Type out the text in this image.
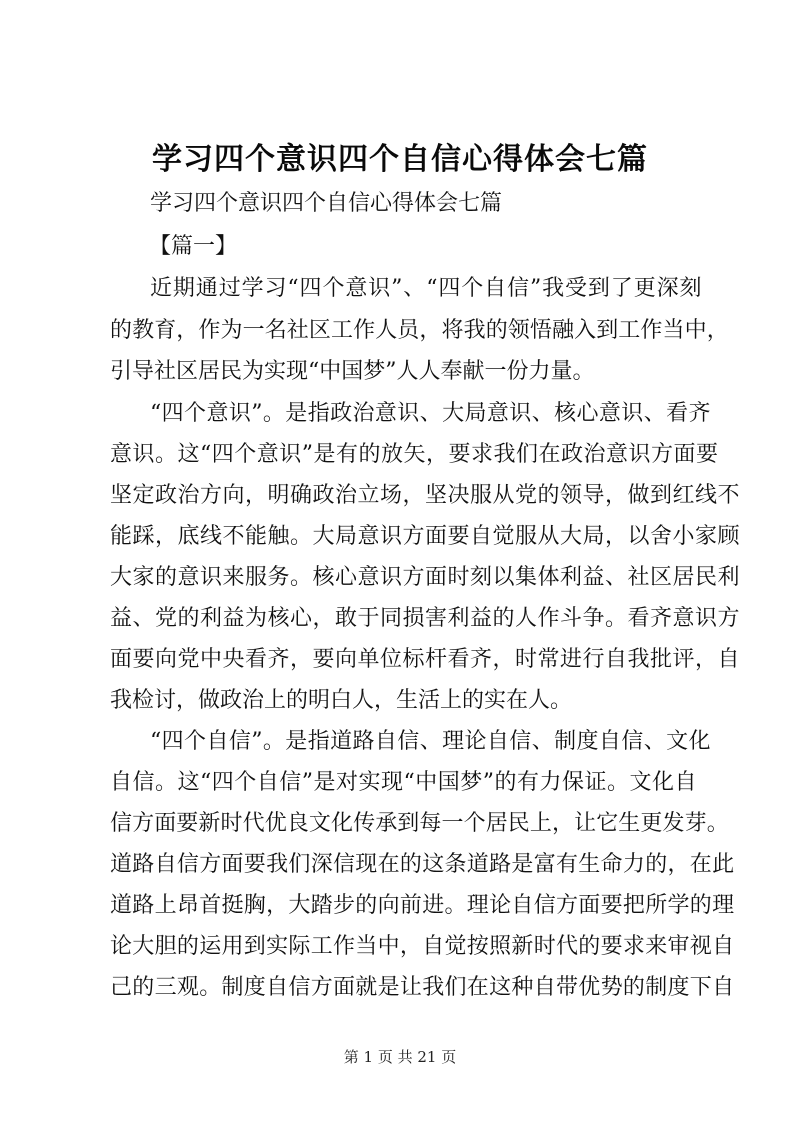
学习四个意识四个自信心得体会七篇
学习四个意识四个自信心得体会七篇
【篇一】
近期通过学习“四个意识”、“四个自信”我受到了更深刻
的教育，作为一名社区工作人员，将我的领悟融入到工作当中，
引导社区居民为实现“中国梦”人人奉献一份力量。
“四个意识”。是指政治意识、大局意识、核心意识、看齐
意识。这“四个意识”是有的放矢，要求我们在政治意识方面要
坚定政治方向，明确政治立场，坚决服从党的领导，做到红线不
能踩，底线不能触。大局意识方面要自觉服从大局，以舍小家顾
大家的意识来服务。核心意识方面时刻以集体利益、社区居民利
益、党的利益为核心，敢于同损害利益的人作斗争。看齐意识方
面要向党中央看齐，要向单位标杆看齐，时常进行自我批评，自
我检讨，做政治上的明白人，生活上的实在人。
“四个自信”。是指道路自信、理论自信、制度自信、文化
自信。这“四个自信”是对实现“中国梦”的有力保证。文化自
信方面要新时代优良文化传承到每一个居民上，让它生更发芽。
道路自信方面要我们深信现在的这条道路是富有生命力的，在此
道路上昂首挺胸，大踏步的向前进。理论自信方面要把所学的理
论大胆的运用到实际工作当中，自觉按照新时代的要求来审视自
己的三观。制度自信方面就是让我们在这种自带优势的制度下自
第 1 页 共 21 页
